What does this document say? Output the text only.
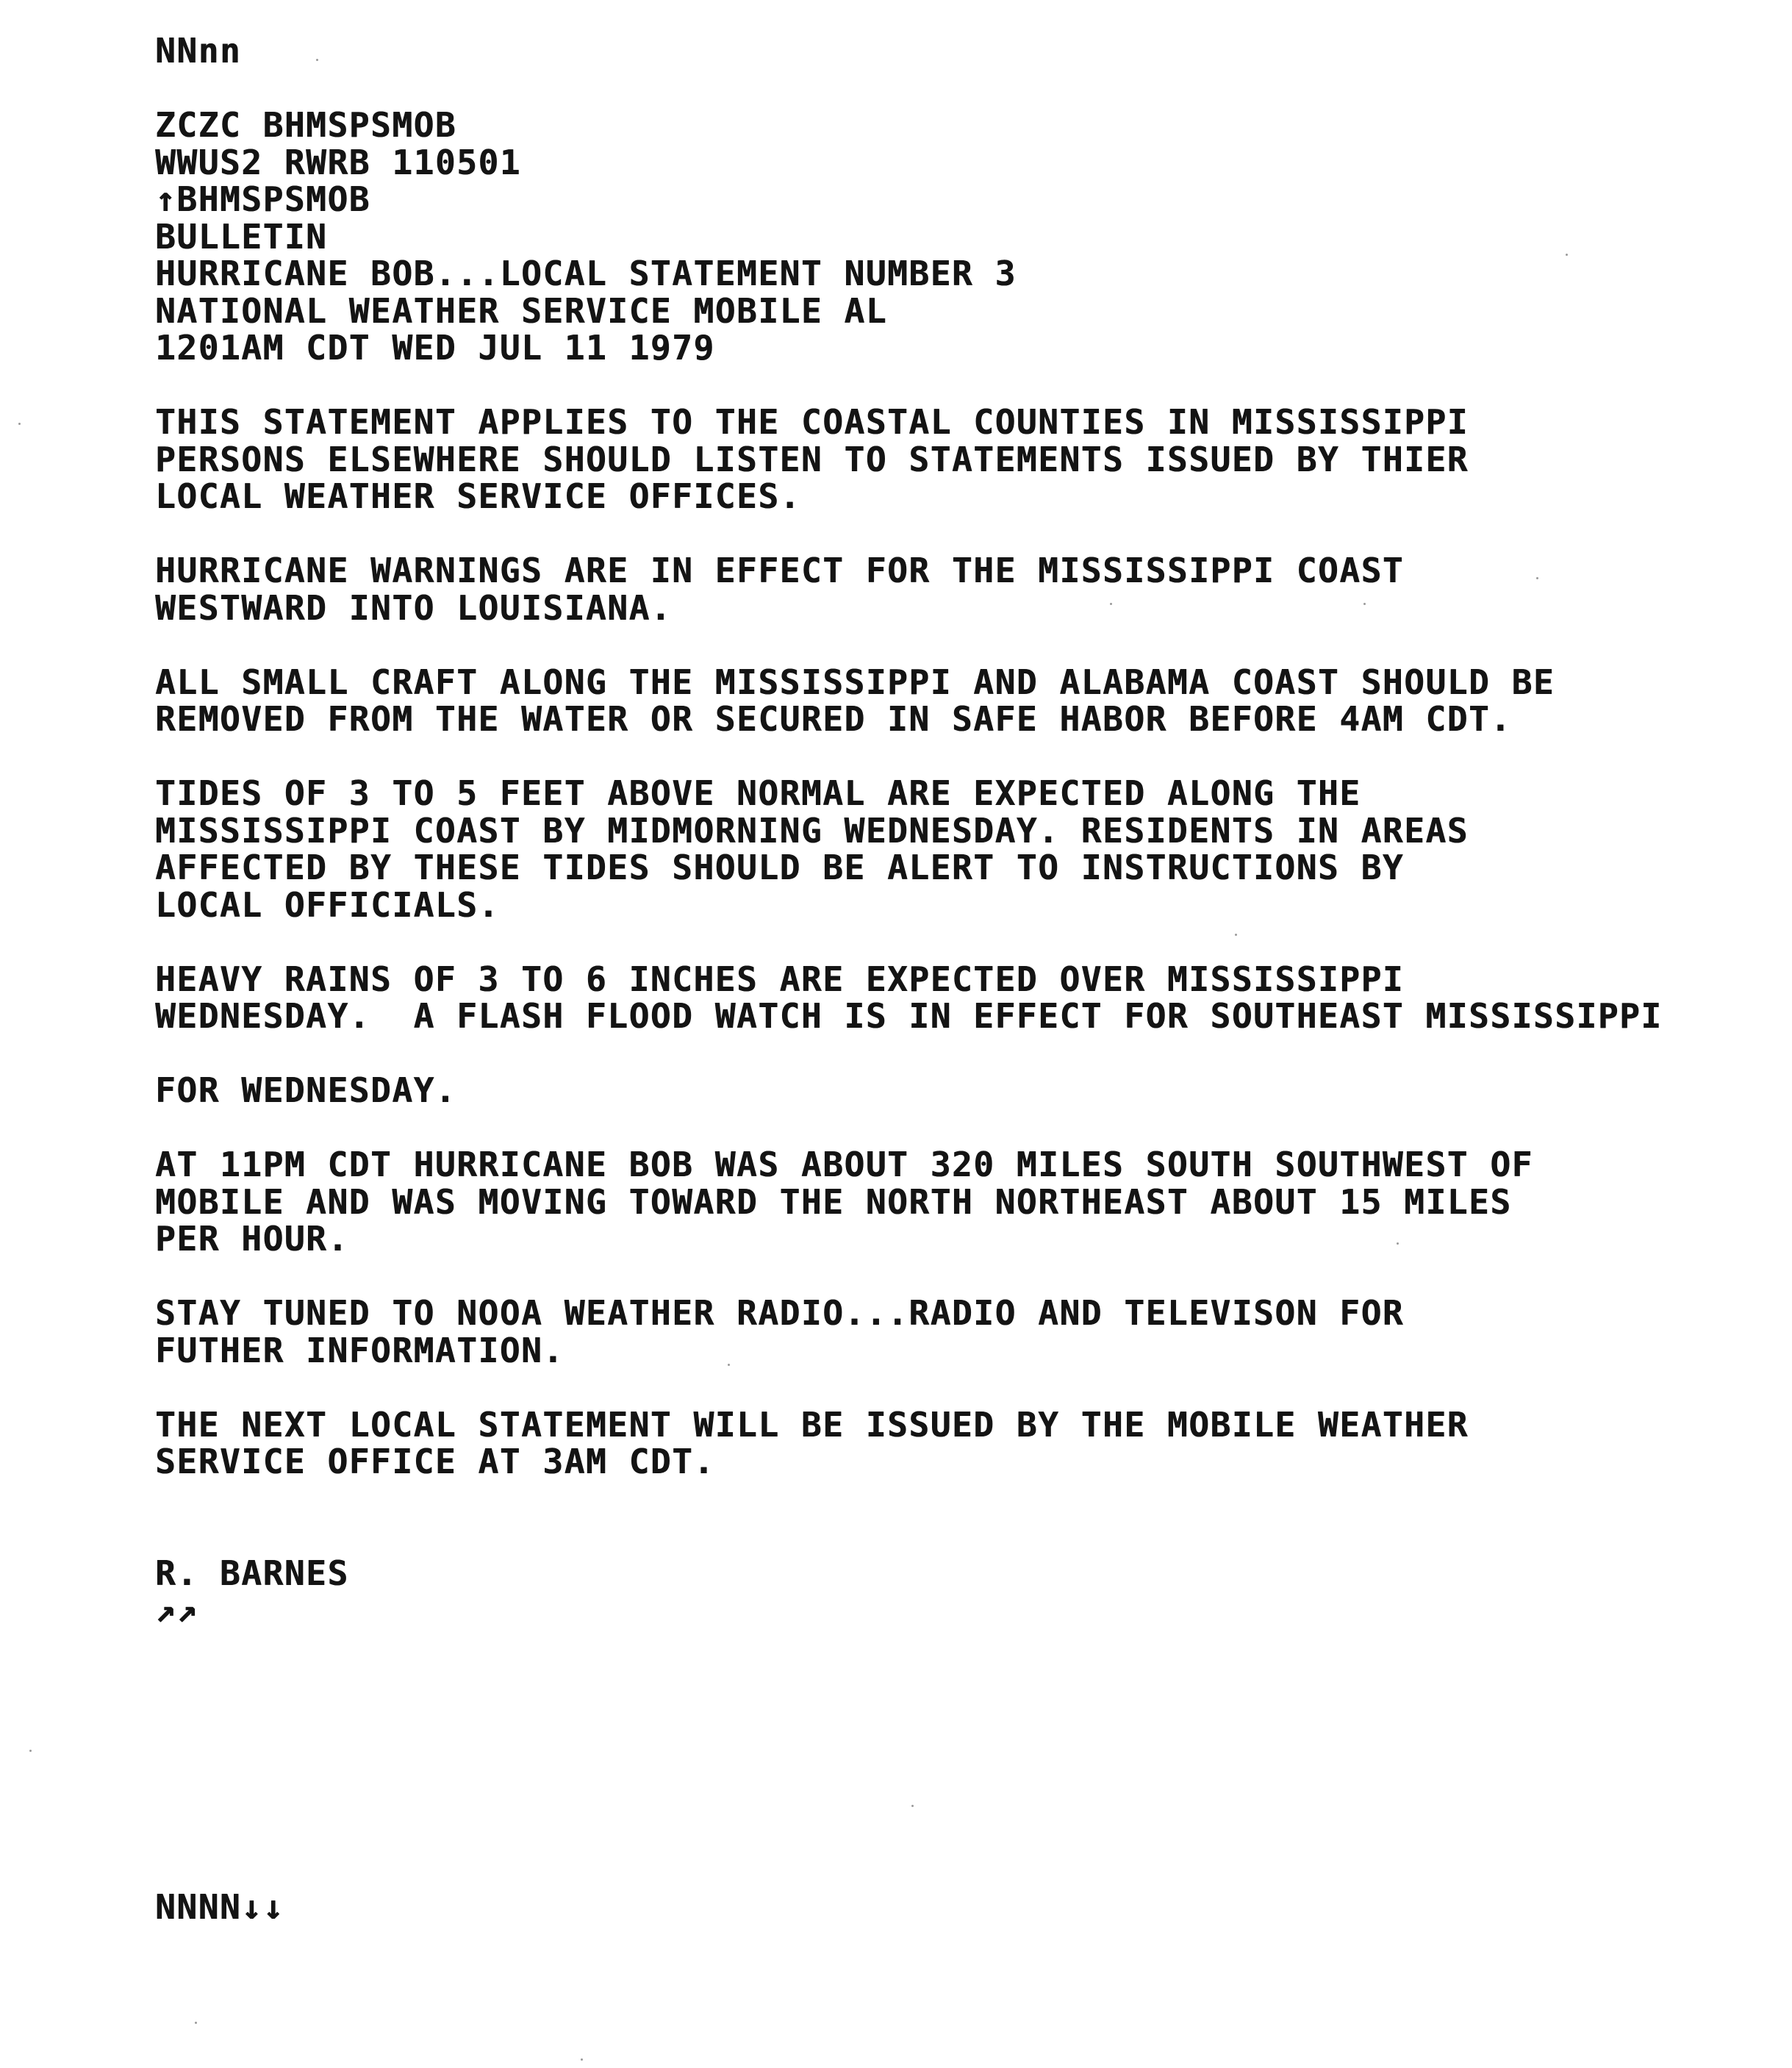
NNnn
ZCZC BHMSPSMOB
WWUS2 RWRB 110501
↑BHMSPSMOB
BULLETIN
HURRICANE BOB...LOCAL STATEMENT NUMBER 3
NATIONAL WEATHER SERVICE MOBILE AL
1201AM CDT WED JUL 11 1979
THIS STATEMENT APPLIES TO THE COASTAL COUNTIES IN MISSISSIPPI
PERSONS ELSEWHERE SHOULD LISTEN TO STATEMENTS ISSUED BY THIER
LOCAL WEATHER SERVICE OFFICES.
HURRICANE WARNINGS ARE IN EFFECT FOR THE MISSISSIPPI COAST
WESTWARD INTO LOUISIANA.
ALL SMALL CRAFT ALONG THE MISSISSIPPI AND ALABAMA COAST SHOULD BE
REMOVED FROM THE WATER OR SECURED IN SAFE HABOR BEFORE 4AM CDT.
TIDES OF 3 TO 5 FEET ABOVE NORMAL ARE EXPECTED ALONG THE
MISSISSIPPI COAST BY MIDMORNING WEDNESDAY. RESIDENTS IN AREAS
AFFECTED BY THESE TIDES SHOULD BE ALERT TO INSTRUCTIONS BY
LOCAL OFFICIALS.
HEAVY RAINS OF 3 TO 6 INCHES ARE EXPECTED OVER MISSISSIPPI
WEDNESDAY.  A FLASH FLOOD WATCH IS IN EFFECT FOR SOUTHEAST MISSISSIPPI
FOR WEDNESDAY.
AT 11PM CDT HURRICANE BOB WAS ABOUT 320 MILES SOUTH SOUTHWEST OF
MOBILE AND WAS MOVING TOWARD THE NORTH NORTHEAST ABOUT 15 MILES
PER HOUR.
STAY TUNED TO NOOA WEATHER RADIO...RADIO AND TELEVISON FOR
FUTHER INFORMATION.
THE NEXT LOCAL STATEMENT WILL BE ISSUED BY THE MOBILE WEATHER
SERVICE OFFICE AT 3AM CDT.
R. BARNES
↗↗
NNNN↓↓
